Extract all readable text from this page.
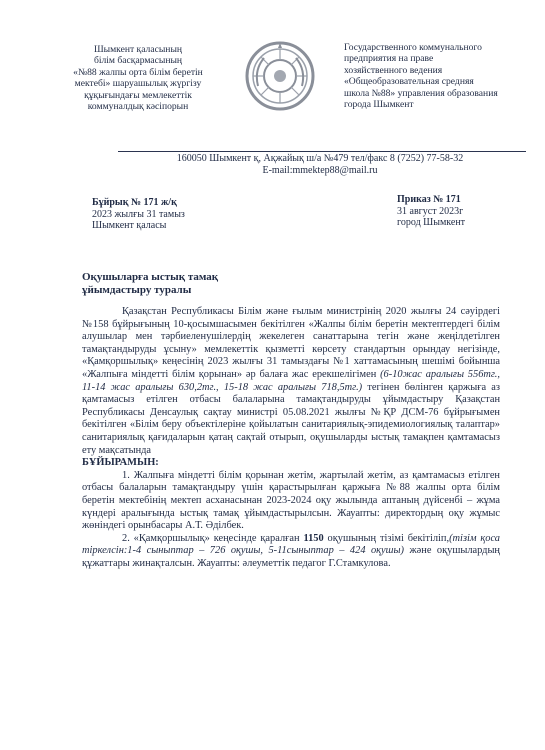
Шымкент қаласының
білім басқармасының
«№88 жалпы орта білім беретін
мектебі» шаруашылық жүргізу
құқығындағы мемлекеттік
коммуналдық кәсіпорын
Государственного коммунального
предприятия на праве
хозяйственного ведения
«Общеобразовательная средняя
школа №88» управления образования
города Шымкент
160050 Шымкент қ, Ақжайық ш/а №479 тел/факс 8 (7252) 77-58-32
E-mail:mmektep88@mail.ru
Бұйрық № 171 ж/қ
2023 жылғы 31 тамыз
Шымкент қаласы
Приказ № 171
31 август 2023г
город Шымкент
Оқушыларға ыстық тамақ
ұйымдастыру туралы

Қазақстан Республикасы Білім және ғылым министрінің 2020 жылғы 24 сәуірдегі №158 бұйрығының 10-қосымшасымен бекітілген «Жалпы білім беретін мектептердегі білім алушылар мен тәрбиеленушілердің жекелеген санаттарына тегін және жеңілдетілген тамақтандыруды ұсыну» мемлекеттік қызметті көрсету стандартын орындау негізінде, «Қамқоршылық» кеңесінің 2023 жылғы 31 тамыздағы №1 хаттамасының шешімі бойынша «Жалпыға міндетті білім қорынан» әр балаға жас ерекшелігімен (6-10жас аралығы 556тг., 11-14 жас аралығы 630,2тг., 15-18 жас аралығы 718,5тг.) тегінен бөлінген қаржыға аз қамтамасыз етілген отбасы балаларына тамақтандыруды ұйымдастыру Қазақстан Республикасы Денсаулық сақтау министрі 05.08.2021 жылғы №ҚР ДСМ-76 бұйрығымен бекітілген «Білім беру объектілеріне қойылатын санитариялық-эпидемиологиялық талаптар» санитариялық қағидаларын қатаң сақтай отырып, оқушыларды ыстық тамақпен қамтамасыз ету мақсатында

БҰЙЫРАМЫН:

1. Жалпыға міндетті білім қорынан жетім, жартылай жетім, аз қамтамасыз етілген отбасы балаларын тамақтандыру үшін қарастырылған қаржыға №88 жалпы орта білім беретін мектебінің мектеп асханасынан 2023-2024 оқу жылында аптаның дүйсенбі – жұма күндері аралығында ыстық тамақ ұйымдастырылсын. Жауапты: директордың оқу жұмыс жөніндегі орынбасары А.Т. Әділбек.

2. «Қамқоршылық» кеңесінде қаралған 1150 оқушының тізімі бекітіліп,(тізім қоса тіркелсін:1-4 сыныптар – 726 оқушы, 5-11сыныптар – 424 оқушы) және оқушылардың құжаттары жинақталсын. Жауапты: әлеуметтік педагог Г.Стамкулова.
